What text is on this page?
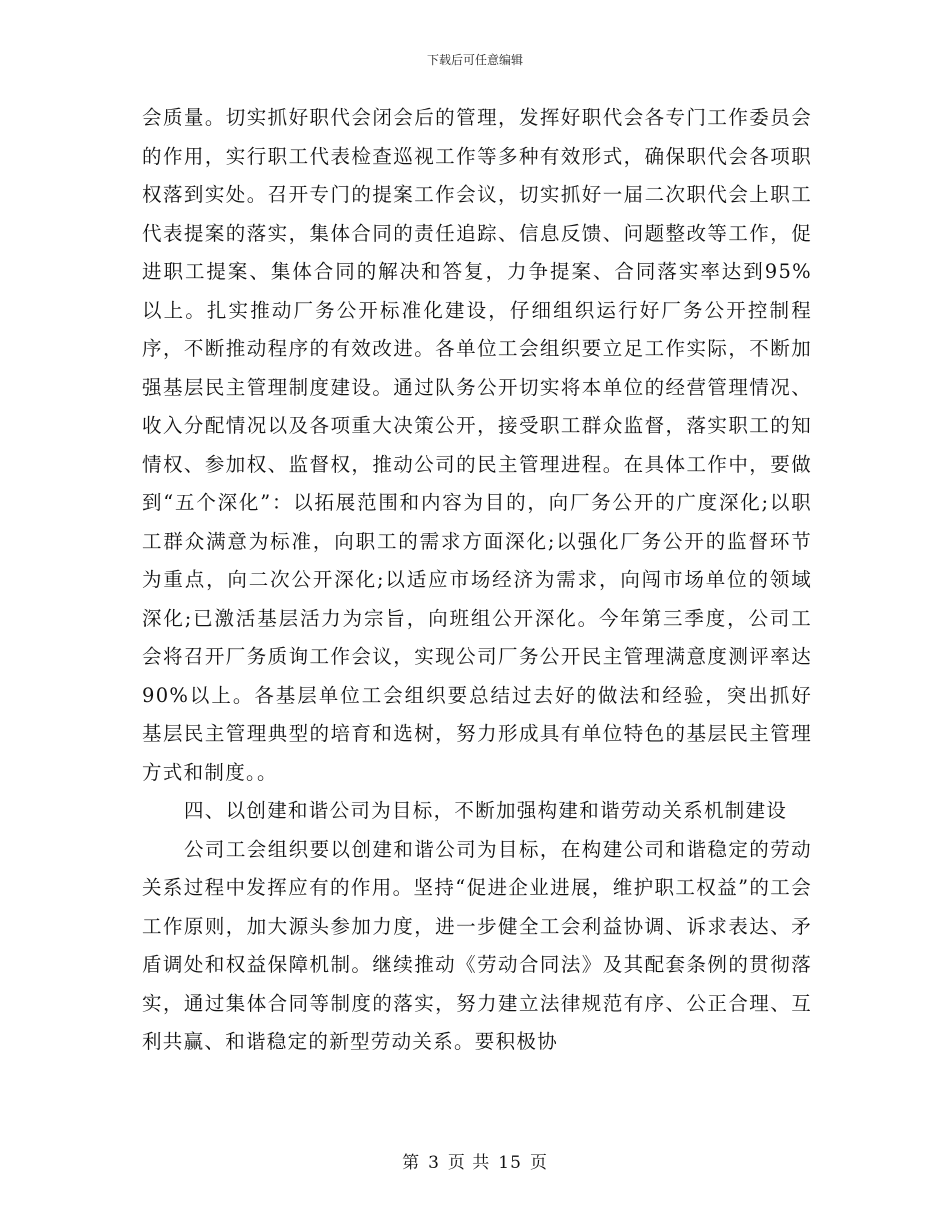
下载后可任意编辑

会质量。切实抓好职代会闭会后的管理，发挥好职代会各专门工作委员会的作用，实行职工代表检查巡视工作等多种有效形式，确保职代会各项职权落到实处。召开专门的提案工作会议，切实抓好一届二次职代会上职工代表提案的落实，集体合同的责任追踪、信息反馈、问题整改等工作，促进职工提案、集体合同的解决和答复，力争提案、合同落实率达到95%以上。扎实推动厂务公开标准化建设，仔细组织运行好厂务公开控制程序，不断推动程序的有效改进。各单位工会组织要立足工作实际，不断加强基层民主管理制度建设。通过队务公开切实将本单位的经营管理情况、收入分配情况以及各项重大决策公开，接受职工群众监督，落实职工的知情权、参加权、监督权，推动公司的民主管理进程。在具体工作中，要做到“五个深化”：以拓展范围和内容为目的，向厂务公开的广度深化;以职工群众满意为标准，向职工的需求方面深化;以强化厂务公开的监督环节为重点，向二次公开深化;以适应市场经济为需求，向闯市场单位的领域深化;已激活基层活力为宗旨，向班组公开深化。今年第三季度，公司工会将召开厂务质询工作会议，实现公司厂务公开民主管理满意度测评率达90%以上。各基层单位工会组织要总结过去好的做法和经验，突出抓好基层民主管理典型的培育和选树，努力形成具有单位特色的基层民主管理方式和制度。。

四、以创建和谐公司为目标，不断加强构建和谐劳动关系机制建设

公司工会组织要以创建和谐公司为目标，在构建公司和谐稳定的劳动关系过程中发挥应有的作用。坚持“促进企业进展，维护职工权益”的工会工作原则，加大源头参加力度，进一步健全工会利益协调、诉求表达、矛盾调处和权益保障机制。继续推动《劳动合同法》及其配套条例的贯彻落实，通过集体合同等制度的落实，努力建立法律规范有序、公正合理、互利共赢、和谐稳定的新型劳动关系。要积极协

第 3 页 共 15 页
